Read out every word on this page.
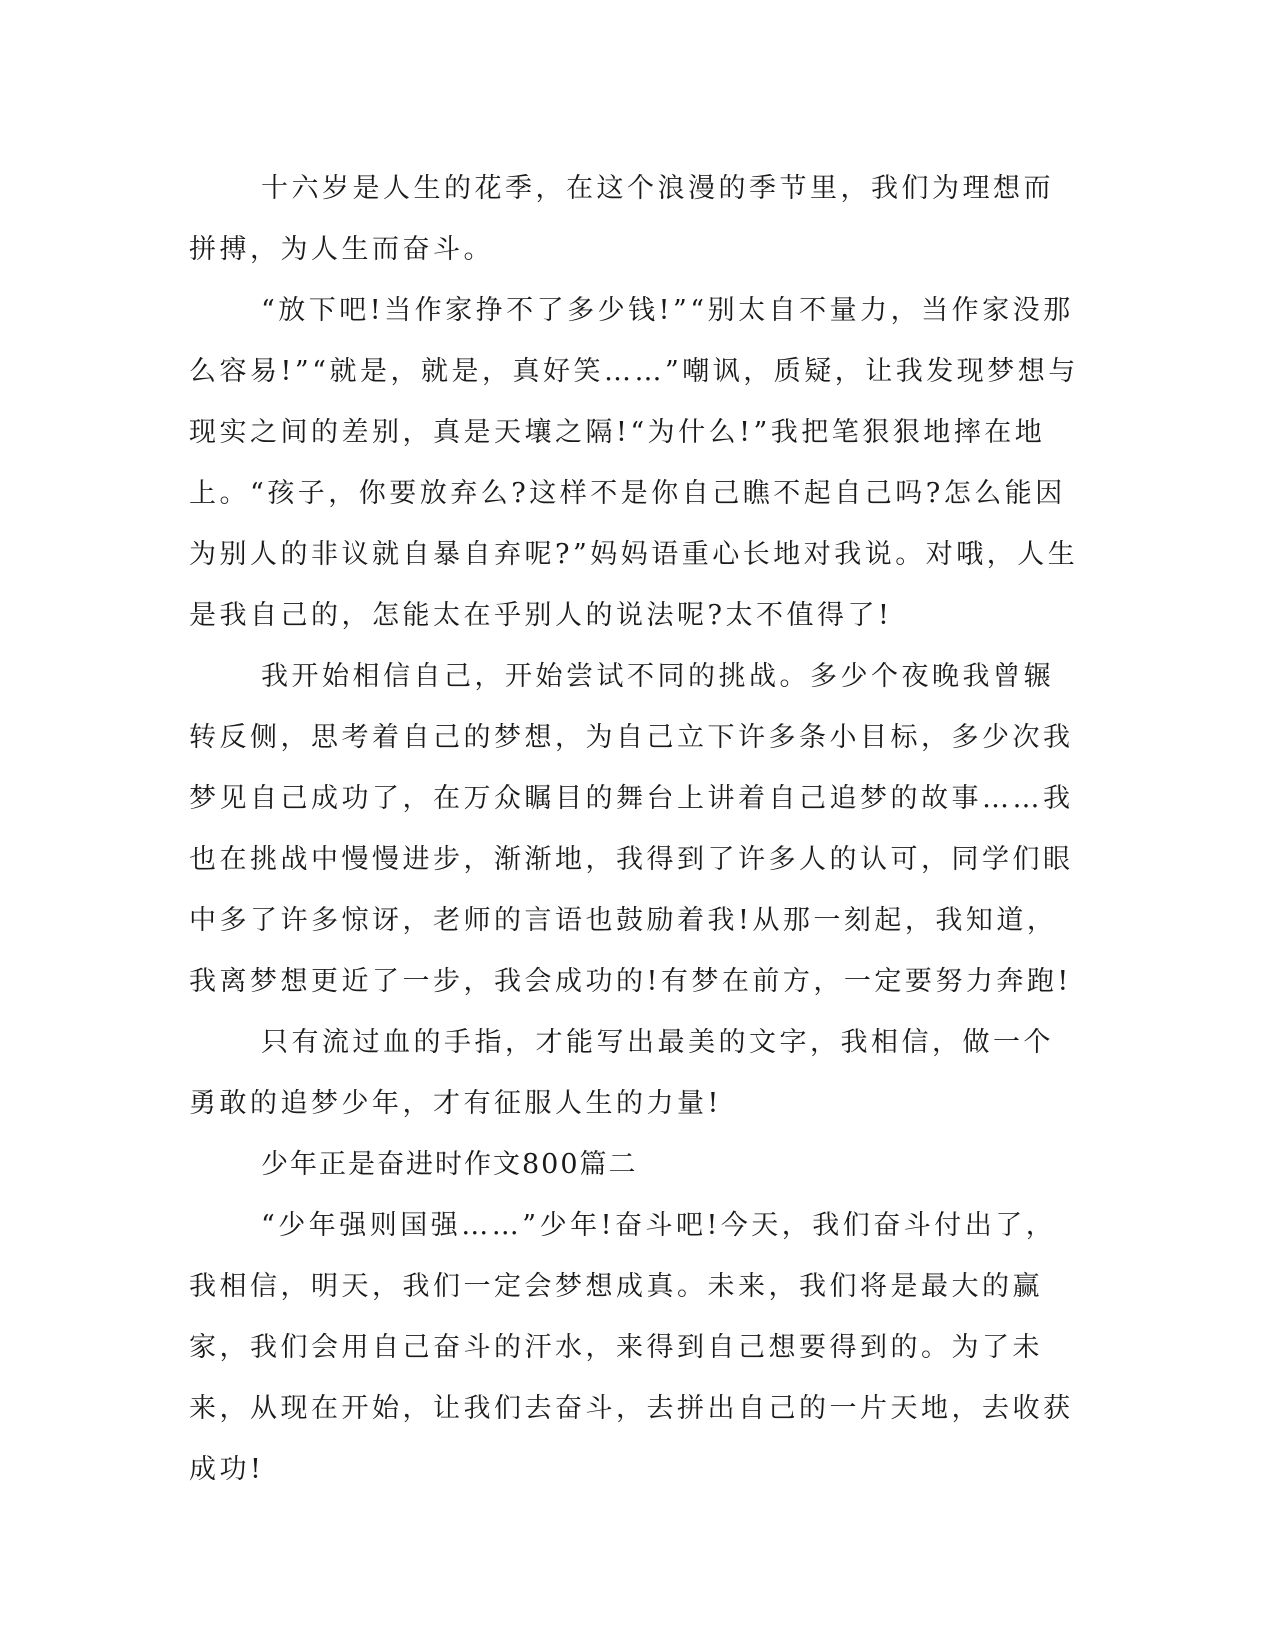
十六岁是人生的花季，在这个浪漫的季节里，我们为理想而拼搏，为人生而奋斗。

“放下吧!当作家挣不了多少钱!”“别太自不量力，当作家没那么容易!”“就是，就是，真好笑……”嘲讽，质疑，让我发现梦想与现实之间的差别，真是天壤之隔!“为什么!”我把笔狠狠地摔在地上。“孩子，你要放弃么?这样不是你自己瞧不起自己吗?怎么能因为别人的非议就自暴自弃呢?”妈妈语重心长地对我说。对哦，人生是我自己的，怎能太在乎别人的说法呢?太不值得了!

我开始相信自己，开始尝试不同的挑战。多少个夜晚我曾辗转反侧，思考着自己的梦想，为自己立下许多条小目标，多少次我梦见自己成功了，在万众瞩目的舞台上讲着自己追梦的故事……我也在挑战中慢慢进步，渐渐地，我得到了许多人的认可，同学们眼中多了许多惊讶，老师的言语也鼓励着我!从那一刻起，我知道，我离梦想更近了一步，我会成功的!有梦在前方，一定要努力奔跑!

只有流过血的手指，才能写出最美的文字，我相信，做一个勇敢的追梦少年，才有征服人生的力量!

少年正是奋进时作文800篇二

“少年强则国强……”少年!奋斗吧!今天，我们奋斗付出了，我相信，明天，我们一定会梦想成真。未来，我们将是最大的赢家，我们会用自己奋斗的汗水，来得到自己想要得到的。为了未来，从现在开始，让我们去奋斗，去拼出自己的一片天地，去收获成功!
